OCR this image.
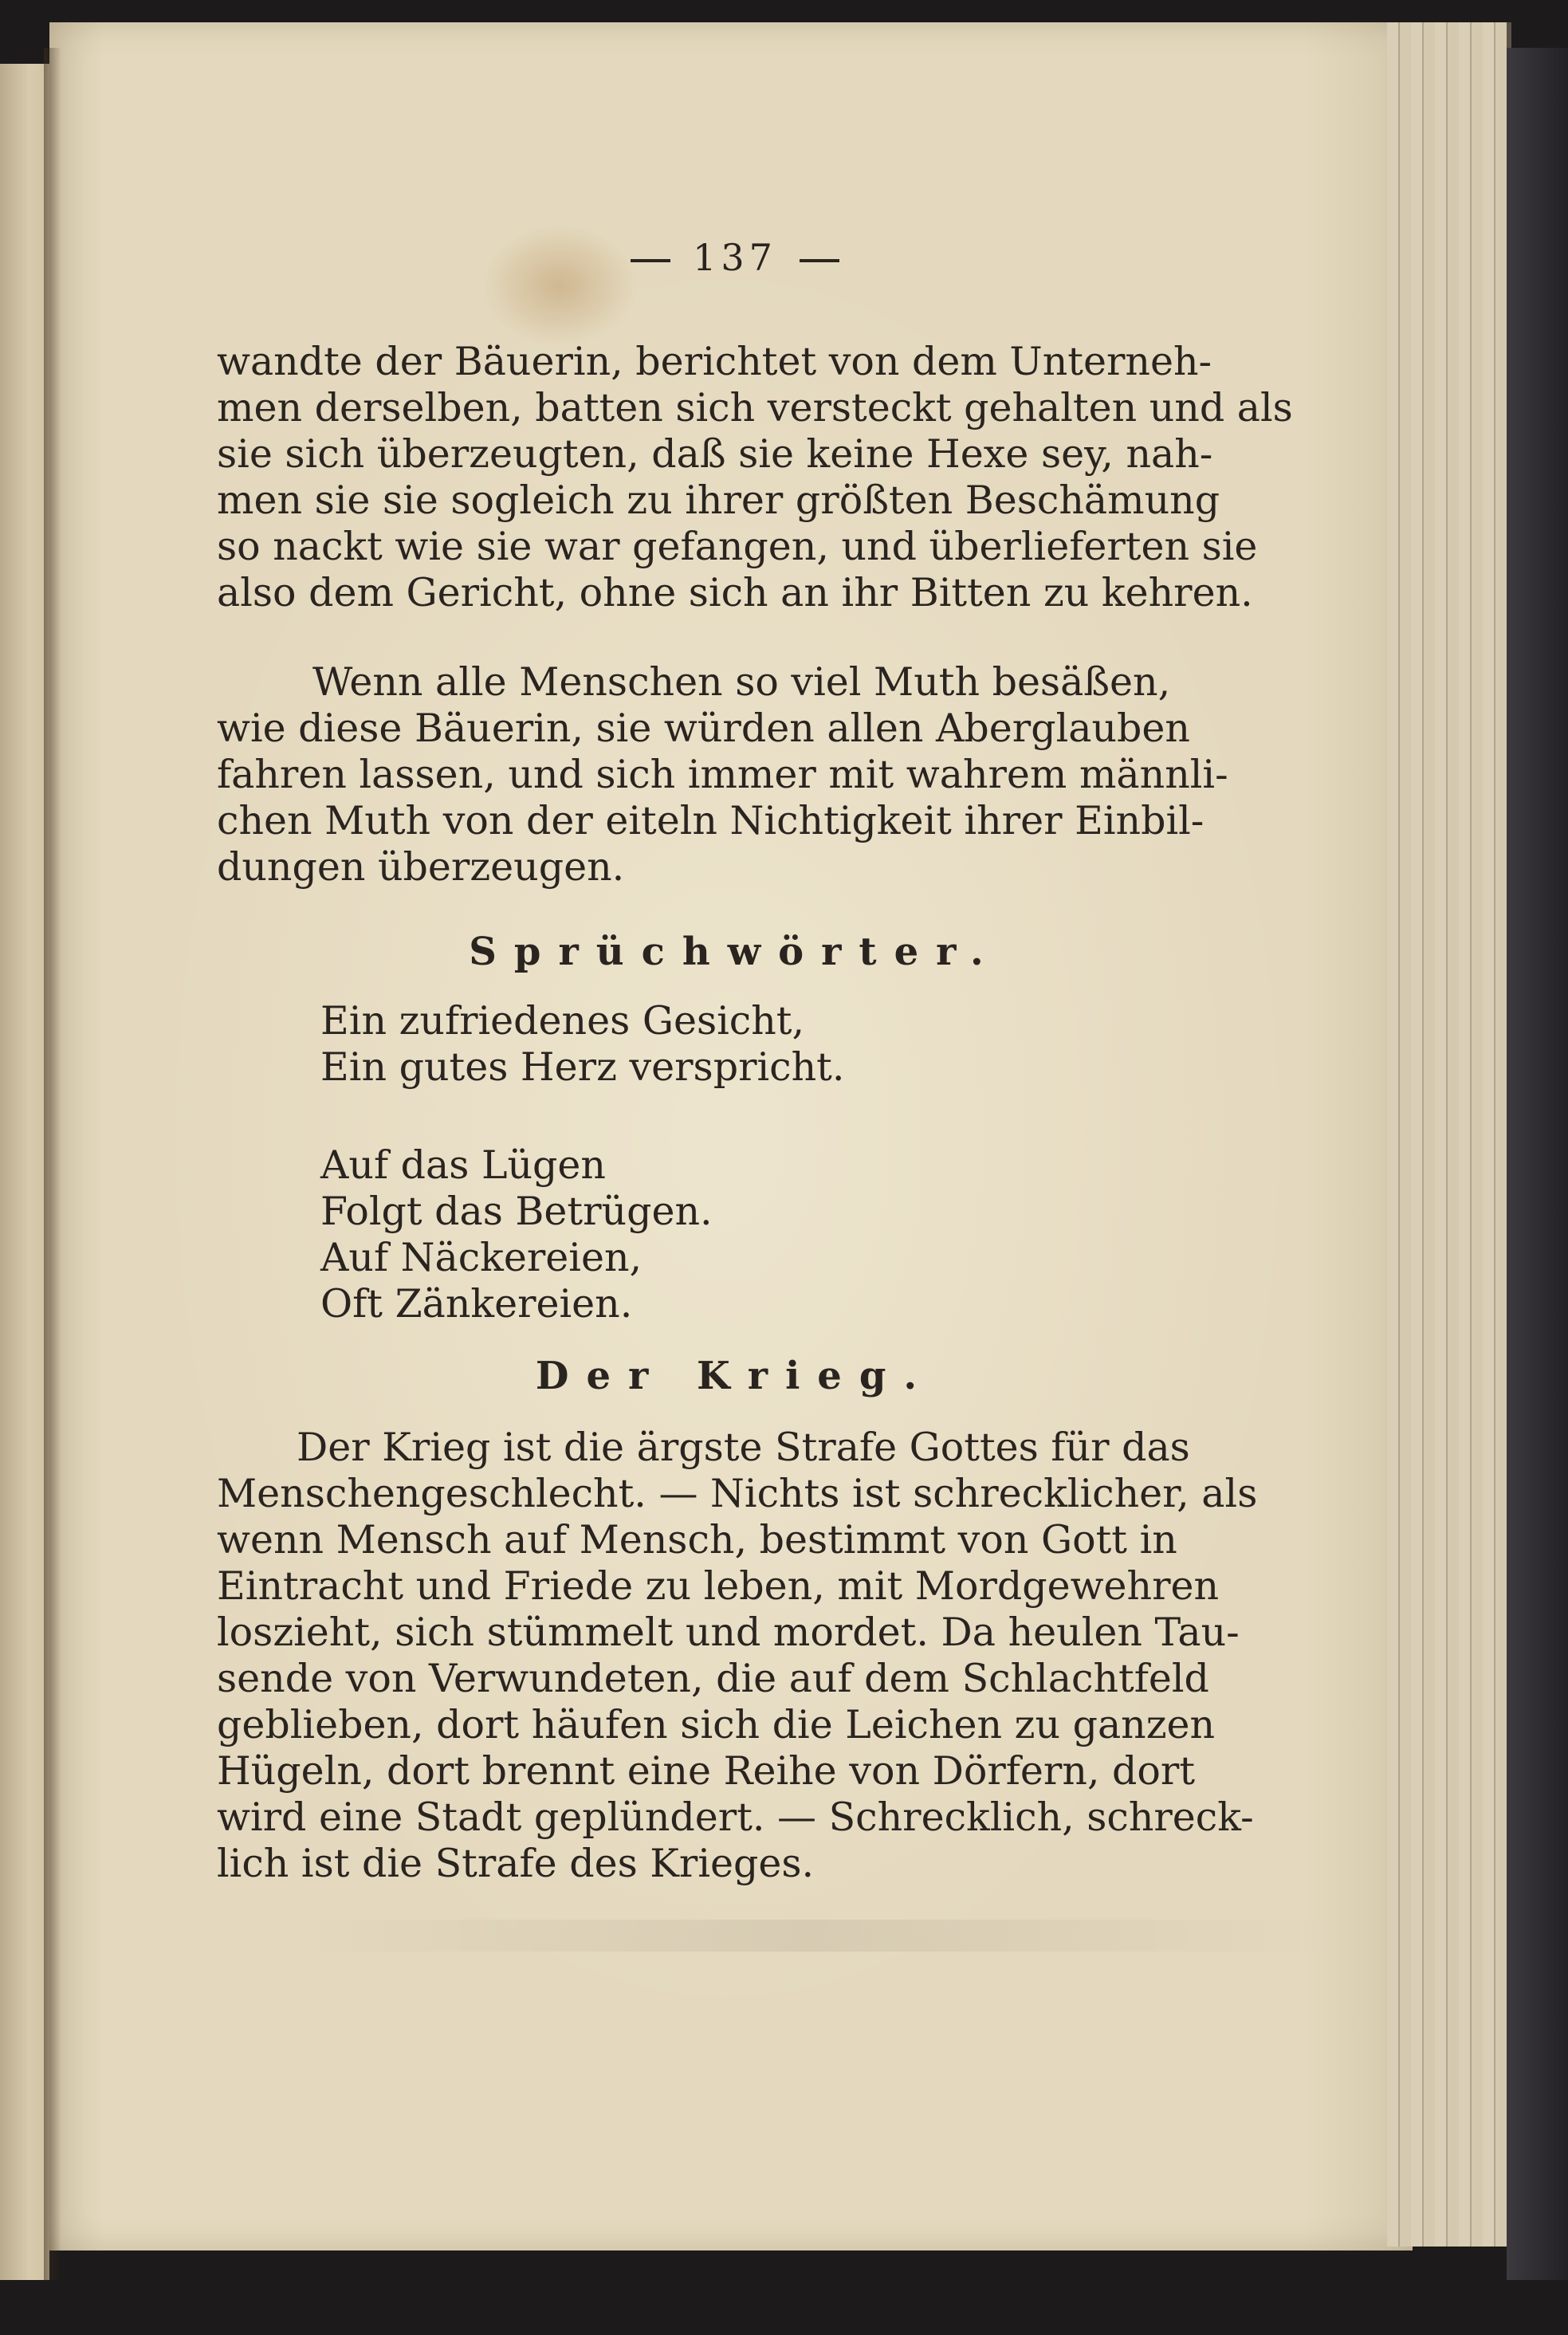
137
wandte der Bäuerin, berichtet von dem Unterneh-
men derselben, batten sich versteckt gehalten und als
sie sich überzeugten, daß sie keine Hexe sey, nah-
men sie sie sogleich zu ihrer größten Beschämung
so nackt wie sie war gefangen, und überlieferten sie
also dem Gericht, ohne sich an ihr Bitten zu kehren.
Wenn alle Menschen so viel Muth besäßen,
wie diese Bäuerin, sie würden allen Aberglauben
fahren lassen, und sich immer mit wahrem männli-
chen Muth von der eiteln Nichtigkeit ihrer Einbil-
dungen überzeugen.
Sprüchwörter.
Ein zufriedenes Gesicht,
Ein gutes Herz verspricht.
Auf das Lügen
Folgt das Betrügen.
Auf Näckereien,
Oft Zänkereien.
Der Krieg.
Der Krieg ist die ärgste Strafe Gottes für das
Menschengeschlecht. — Nichts ist schrecklicher, als
wenn Mensch auf Mensch, bestimmt von Gott in
Eintracht und Friede zu leben, mit Mordgewehren
loszieht, sich stümmelt und mordet. Da heulen Tau-
sende von Verwundeten, die auf dem Schlachtfeld
geblieben, dort häufen sich die Leichen zu ganzen
Hügeln, dort brennt eine Reihe von Dörfern, dort
wird eine Stadt geplündert. — Schrecklich, schreck-
lich ist die Strafe des Krieges.
